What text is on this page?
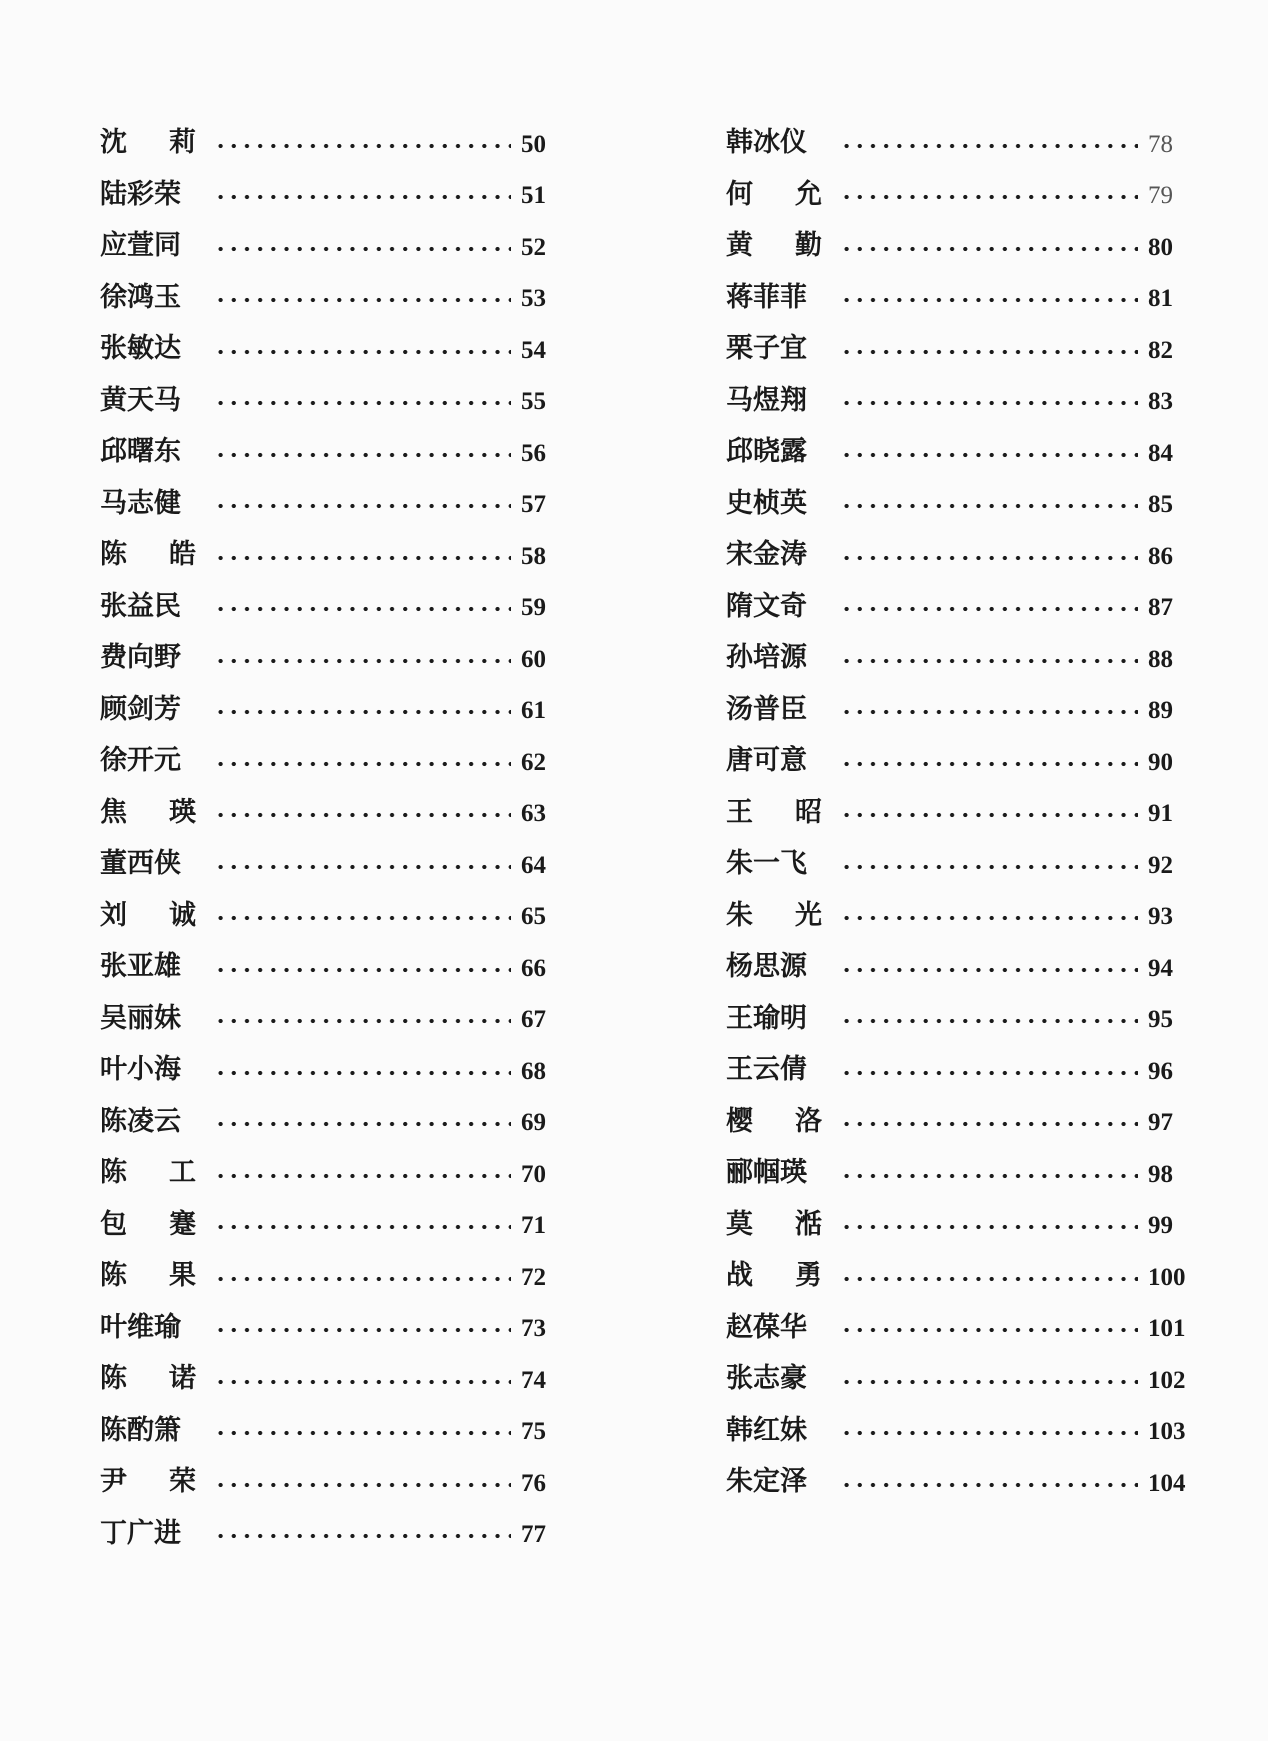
沈 莉	50
陆彩荣	51
应萱同	52
徐鸿玉	53
张敏达	54
黄天马	55
邱曙东	56
马志健	57
陈 皓	58
张益民	59
费向野	60
顾剑芳	61
徐开元	62
焦 瑛	63
董西侠	64
刘 诚	65
张亚雄	66
吴丽妹	67
叶小海	68
陈凌云	69
陈 工	70
包 蹇	71
陈 果	72
叶维瑜	73
陈 诺	74
陈酌箫	75
尹 荣	76
丁广进	77
韩冰仪	78
何 允	79
黄 勤	80
蒋菲菲	81
栗子宜	82
马煜翔	83
邱晓露	84
史桢英	85
宋金涛	86
隋文奇	87
孙培源	88
汤普臣	89
唐可意	90
王 昭	91
朱一飞	92
朱 光	93
杨思源	94
王瑜明	95
王云倩	96
樱 洛	97
郦帼瑛	98
莫 湉	99
战 勇	100
赵葆华	101
张志豪	102
韩红妹	103
朱定泽	104
